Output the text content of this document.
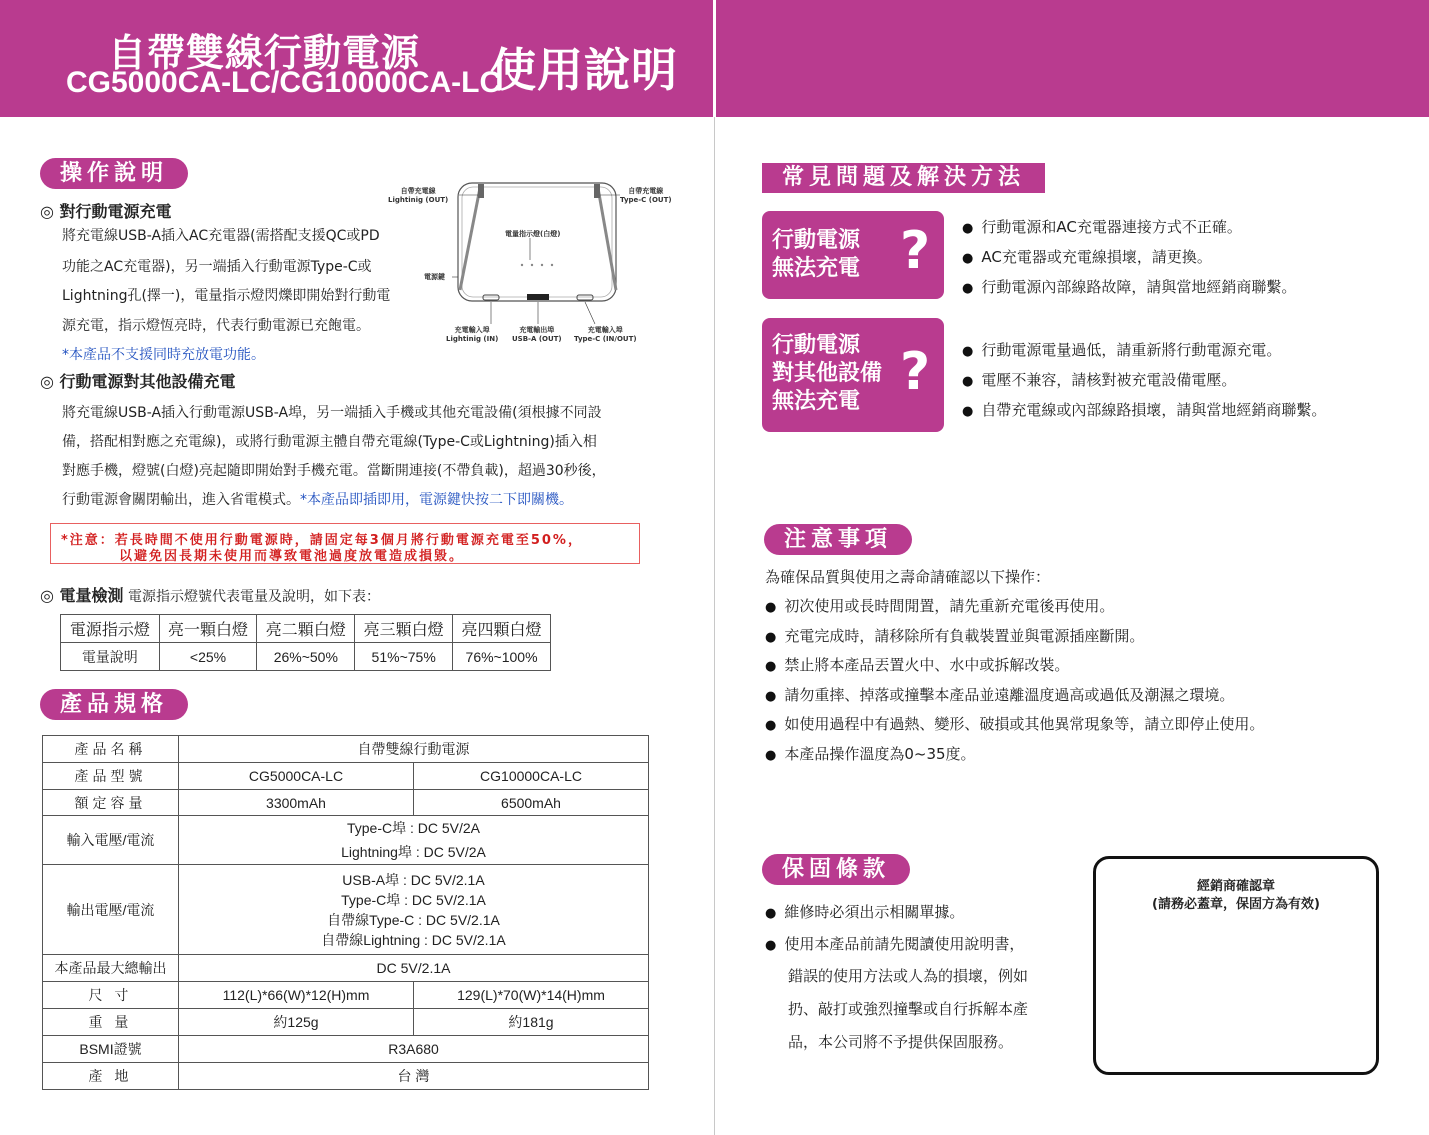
自帶雙線行動電源
CG5000CA-LC/CG10000CA-LC
使用說明
操作說明
◎ 對行動電源充電
將充電線USB-A插入AC充電器(需搭配支援QC或PD
功能之AC充電器)，另一端插入行動電源Type-C或
Lightning孔(擇一)，電量指示燈閃爍即開始對行動電
源充電，指示燈恆亮時，代表行動電源已充飽電。
*本產品不支援同時充放電功能。
◎ 行動電源對其他設備充電
將充電線USB-A插入行動電源USB-A埠，另一端插入手機或其他充電設備(須根據不同設
備，搭配相對應之充電線)，或將行動電源主體自帶充電線(Type-C或Lightning)插入相
對應手機，燈號(白燈)亮起隨即開始對手機充電。當斷開連接(不帶負載)，超過30秒後，
行動電源會關閉輸出，進入省電模式。*本產品即插即用，電源鍵快按二下即關機。
*注意：若長時間不使用行動電源時，請固定每3個月將行動電源充電至50%，
以避免因長期未使用而導致電池過度放電造成損毀。
◎ 電量檢測 電源指示燈號代表電量及說明，如下表：
自帶充電線
Lightinig (OUT)
自帶充電線
Type-C (OUT)
電量指示燈(白燈)
電源鍵
充電輸入埠
Lightinig (IN)
充電輸出埠
USB-A (OUT)
充電輸入埠
Type-C (IN/OUT)
電源指示燈	亮一顆白燈	亮二顆白燈	亮三顆白燈	亮四顆白燈
電量說明	<25%	26%~50%	51%~75%	76%~100%
產品規格
產品名稱	自帶雙線行動電源	
產品型號	CG5000CA-LC	CG10000CA-LC
額定容量	3300mAh	6500mAh
輸入電壓/電流	Type-C埠 : DC 5V/2A
Lightning埠 : DC 5V/2A	

輸出電壓/電流	USB-A埠 : DC 5V/2.1A
Type-C埠 : DC 5V/2.1A
自帶線Type-C : DC 5V/2.1A
自帶線Lightning : DC 5V/2.1A	

本產品最大總輸出	DC 5V/2.1A	
尺 寸	112(L)*66(W)*12(H)mm	129(L)*70(W)*14(H)mm
重 量	約125g	約181g
BSMI證號	R3A680	
產 地	台 灣	
常見問題及解決方法
行動電源
無法充電 ?	● 行動電源和AC充電器連接方式不正確。
● AC充電器或充電線損壞，請更換。
● 行動電源內部線路故障，請與當地經銷商聯繫。
行動電源
對其他設備
無法充電 ?	● 行動電源電量過低，請重新將行動電源充電。
● 電壓不兼容，請核對被充電設備電壓。
● 自帶充電線或內部線路損壞，請與當地經銷商聯繫。
注意事項
為確保品質與使用之壽命請確認以下操作：
● 初次使用或長時間閒置，請先重新充電後再使用。
● 充電完成時，請移除所有負載裝置並與電源插座斷開。
● 禁止將本產品丟置火中、水中或拆解改裝。
● 請勿重摔、掉落或撞擊本產品並遠離溫度過高或過低及潮濕之環境。
● 如使用過程中有過熱、變形、破損或其他異常現象等，請立即停止使用。
● 本產品操作溫度為0~35度。
保固條款
● 維修時必須出示相關單據。
● 使用本產品前請先閱讀使用說明書，
錯誤的使用方法或人為的損壞，例如
扔、敲打或強烈撞擊或自行拆解本產
品，本公司將不予提供保固服務。
經銷商確認章
(請務必蓋章，保固方為有效)
